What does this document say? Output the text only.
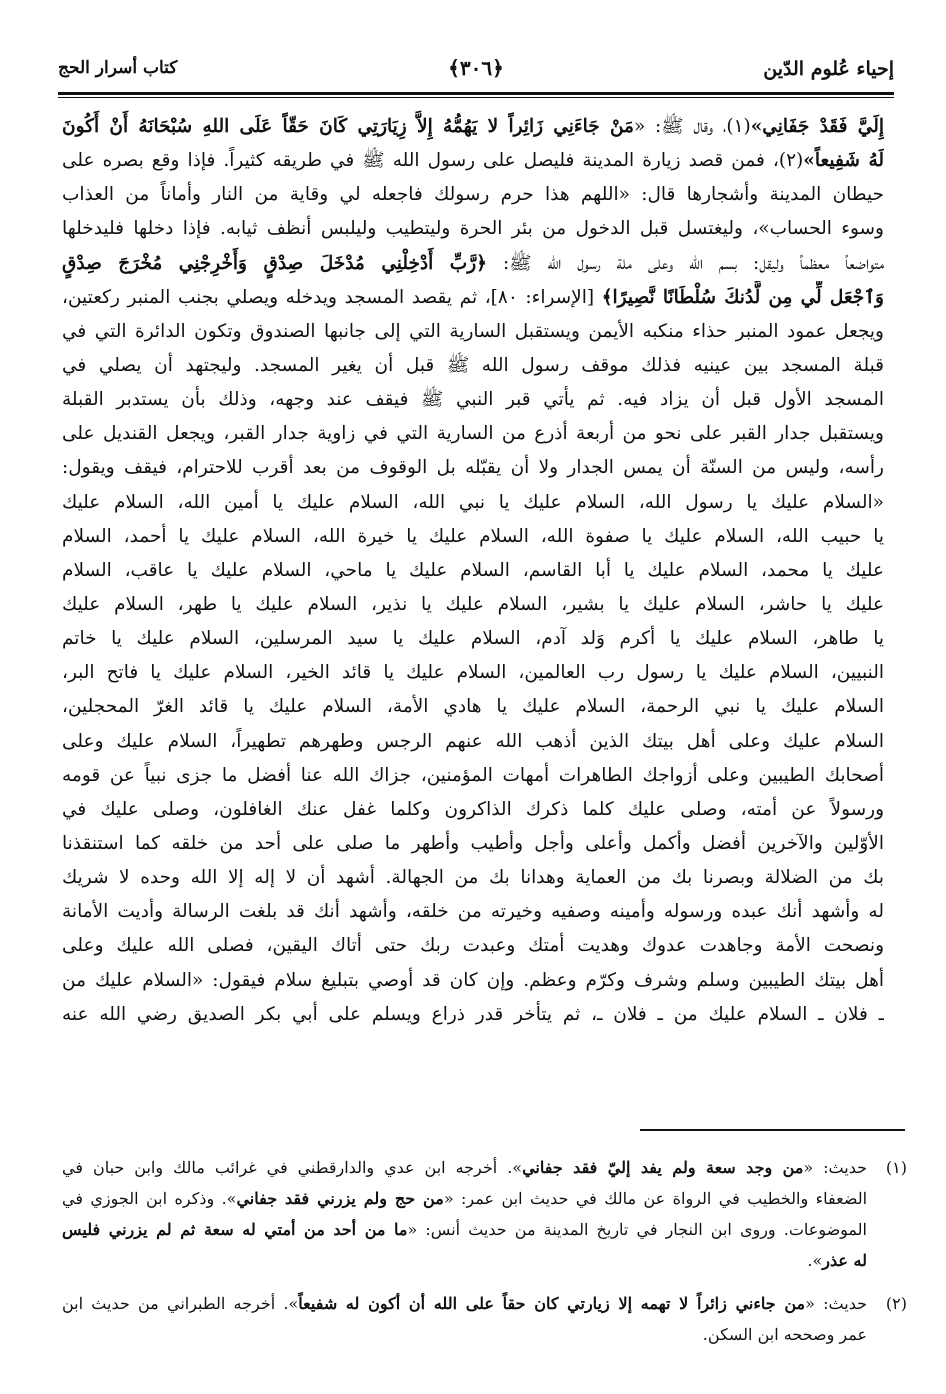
إحياء عُلوم الدّين
﴿٣٠٦﴾
كتاب أسرار الحج
إِلَيَّ فَقَدْ جَفَانِي»(١)، وقال ﷺ: «مَنْ جَاءَنِي زَائِراً لا يَهُمُّهُ إِلاَّ زِيَارَتِي كَانَ حَقّاً عَلَى اللهِ سُبْحَانَهُ أَنْ أَكُونَ
لَهُ شَفِيعاً»(٢)، فمن قصد زيارة المدينة فليصل على رسول الله ﷺ في طريقه كثيراً. فإذا وقع بصره على
حيطان المدينة وأشجارها قال: «اللهم هذا حرم رسولك فاجعله لي وقاية من النار وأماناً من العذاب
وسوء الحساب»، وليغتسل قبل الدخول من بئر الحرة وليتطيب وليلبس أنظف ثيابه. فإذا دخلها فليدخلها
متواضعاً معظماً وليقل: بسم الله وعلى ملة رسول الله ﷺ: ﴿رَّبِّ أَدْخِلْنِي مُدْخَلَ صِدْقٍ وَأَخْرِجْنِي مُخْرَجَ صِدْقٍ
وَٱجْعَل لِّي مِن لَّدُنكَ سُلْطَانًا نَّصِيرًا﴾ [الإسراء: ٨٠]، ثم يقصد المسجد ويدخله ويصلي بجنب المنبر ركعتين،
ويجعل عمود المنبر حذاء منكبه الأيمن ويستقبل السارية التي إلى جانبها الصندوق وتكون الدائرة التي في
قبلة المسجد بين عينيه فذلك موقف رسول الله ﷺ قبل أن يغير المسجد. وليجتهد أن يصلي في
المسجد الأول قبل أن يزاد فيه. ثم يأتي قبر النبي ﷺ فيقف عند وجهه، وذلك بأن يستدبر القبلة
ويستقبل جدار القبر على نحو من أربعة أذرع من السارية التي في زاوية جدار القبر، ويجعل القنديل على
رأسه، وليس من السنّة أن يمس الجدار ولا أن يقبّله بل الوقوف من بعد أقرب للاحترام، فيقف ويقول:
«السلام عليك يا رسول الله، السلام عليك يا نبي الله، السلام عليك يا أمين الله، السلام عليك
يا حبيب الله، السلام عليك يا صفوة الله، السلام عليك يا خيرة الله، السلام عليك يا أحمد، السلام
عليك يا محمد، السلام عليك يا أبا القاسم، السلام عليك يا ماحي، السلام عليك يا عاقب، السلام
عليك يا حاشر، السلام عليك يا بشير، السلام عليك يا نذير، السلام عليك يا طهر، السلام عليك
يا طاهر، السلام عليك يا أكرم وَلد آدم، السلام عليك يا سيد المرسلين، السلام عليك يا خاتم
النبيين، السلام عليك يا رسول رب العالمين، السلام عليك يا قائد الخير، السلام عليك يا فاتح البر،
السلام عليك يا نبي الرحمة، السلام عليك يا هادي الأمة، السلام عليك يا قائد الغرّ المحجلين،
السلام عليك وعلى أهل بيتك الذين أذهب الله عنهم الرجس وطهرهم تطهيراً، السلام عليك وعلى
أصحابك الطيبين وعلى أزواجك الطاهرات أمهات المؤمنين، جزاك الله عنا أفضل ما جزى نبياً عن قومه
ورسولاً عن أمته، وصلى عليك كلما ذكرك الذاكرون وكلما غفل عنك الغافلون، وصلى عليك في
الأوّلين والآخرين أفضل وأكمل وأعلى وأجل وأطيب وأطهر ما صلى على أحد من خلقه كما استنقذنا
بك من الضلالة وبصرنا بك من العماية وهدانا بك من الجهالة. أشهد أن لا إله إلا الله وحده لا شريك
له وأشهد أنك عبده ورسوله وأمينه وصفيه وخيرته من خلقه، وأشهد أنك قد بلغت الرسالة وأديت الأمانة
ونصحت الأمة وجاهدت عدوك وهديت أمتك وعبدت ربك حتى أتاك اليقين، فصلى الله عليك وعلى
أهل بيتك الطيبين وسلم وشرف وكرّم وعظم. وإن كان قد أوصي بتبليغ سلام فيقول: «السلام عليك من
ـ فلان ـ السلام عليك من ـ فلان ـ، ثم يتأخر قدر ذراع ويسلم على أبي بكر الصديق رضي الله عنه
(١)
حديث: «من وجد سعة ولم يفد إليّ فقد جفاني». أخرجه ابن عدي والدارقطني في غرائب مالك وابن حبان في
الضعفاء والخطيب في الرواة عن مالك في حديث ابن عمر: «من حج ولم يزرني فقد جفاني». وذكره ابن الجوزي في
الموضوعات. وروى ابن النجار في تاريخ المدينة من حديث أنس: «ما من أحد من أمتي له سعة ثم لم يزرني فليس
له عذر».
(٢)
حديث: «من جاءني زائراً لا تهمه إلا زيارتي كان حقاً على الله أن أكون له شفيعاً». أخرجه الطبراني من حديث ابن
عمر وصححه ابن السكن.
